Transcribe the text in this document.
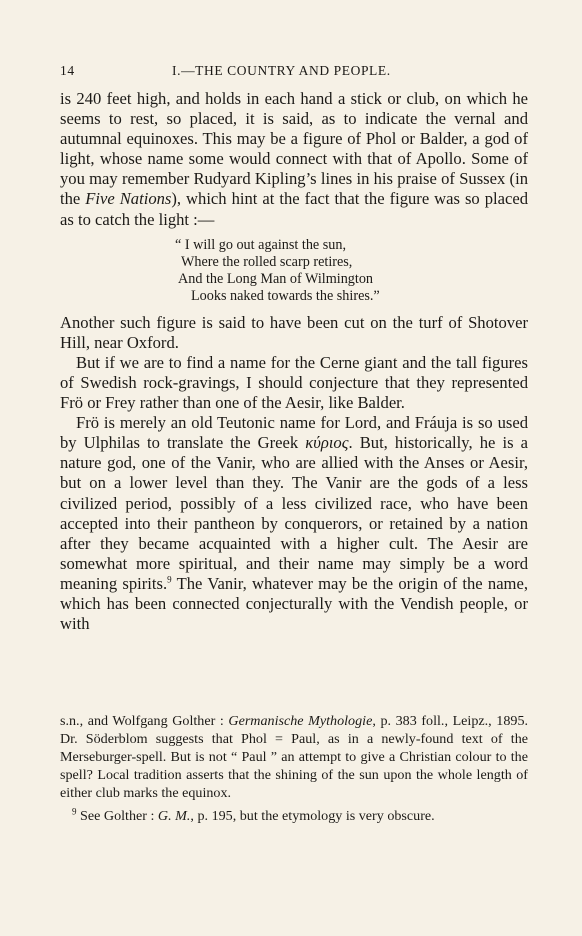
14	I.—THE COUNTRY AND PEOPLE.

is 240 feet high, and holds in each hand a stick or club, on which he seems to rest, so placed, it is said, as to indicate the vernal and autumnal equinoxes. This may be a figure of Phol or Balder, a god of light, whose name some would connect with that of Apollo. Some of you may remember Rudyard Kipling’s lines in his praise of Sussex (in the Five Nations), which hint at the fact that the figure was so placed as to catch the light :—

“ I will go out against the sun,
Where the rolled scarp retires,
And the Long Man of Wilmington
Looks naked towards the shires.”

Another such figure is said to have been cut on the turf of Shotover Hill, near Oxford.

But if we are to find a name for the Cerne giant and the tall figures of Swedish rock-gravings, I should conjecture that they represented Frö or Frey rather than one of the Aesir, like Balder.

Frö is merely an old Teutonic name for Lord, and Fráuja is so used by Ulphilas to translate the Greek κύριος. But, historically, he is a nature god, one of the Vanir, who are allied with the Anses or Aesir, but on a lower level than they. The Vanir are the gods of a less civilized period, possibly of a less civilized race, who have been accepted into their pantheon by conquerors, or retained by a nation after they became acquainted with a higher cult. The Aesir are somewhat more spiritual, and their name may simply be a word meaning spirits.$^9$ The Vanir, whatever may be the origin of the name, which has been connected conjecturally with the Vendish people, or with

s.n., and Wolfgang Golther : Germanische Mythologie, p. 383 foll., Leipz., 1895. Dr. Söderblom suggests that Phol = Paul, as in a newly-found text of the Merseburger-spell. But is not “ Paul ” an attempt to give a Christian colour to the spell? Local tradition asserts that the shining of the sun upon the whole length of either club marks the equinox.

$^9$ See Golther : G. M., p. 195, but the etymology is very obscure.
